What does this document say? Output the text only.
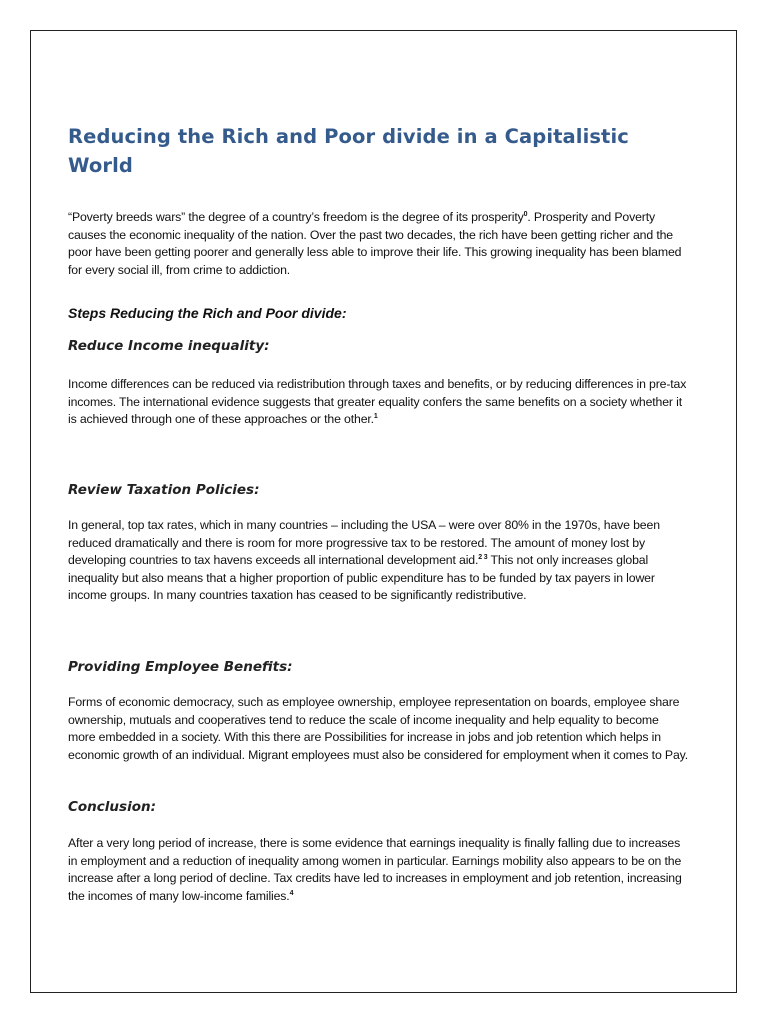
Reducing the Rich and Poor divide in a Capitalistic World

“Poverty breeds wars” the degree of a country’s freedom is the degree of its prosperity$^0$. Prosperity and Poverty causes the economic inequality of the nation. Over the past two decades, the rich have been getting richer and the poor have been getting poorer and generally less able to improve their life. This growing inequality has been blamed for every social ill, from crime to addiction.

Steps Reducing the Rich and Poor divide:
Reduce Income inequality:

Income differences can be reduced via redistribution through taxes and benefits, or by reducing differences in pre-tax incomes. The international evidence suggests that greater equality confers the same benefits on a society whether it is achieved through one of these approaches or the other.$^1$

Review Taxation Policies:

In general, top tax rates, which in many countries – including the USA – were over 80% in the 1970s, have been reduced dramatically and there is room for more progressive tax to be restored. The amount of money lost by developing countries to tax havens exceeds all international development aid.$^{2 3}$ This not only increases global inequality but also means that a higher proportion of public expenditure has to be funded by tax payers in lower income groups. In many countries taxation has ceased to be significantly redistributive.

Providing Employee Benefits:

Forms of economic democracy, such as employee ownership, employee representation on boards, employee share ownership, mutuals and cooperatives tend to reduce the scale of income inequality and help equality to become more embedded in a society. With this there are Possibilities for increase in jobs and job retention which helps in economic growth of an individual. Migrant employees must also be considered for employment when it comes to Pay.

Conclusion:

After a very long period of increase, there is some evidence that earnings inequality is finally falling due to increases in employment and a reduction of inequality among women in particular. Earnings mobility also appears to be on the increase after a long period of decline. Tax credits have led to increases in employment and job retention, increasing the incomes of many low-income families.$^4$
